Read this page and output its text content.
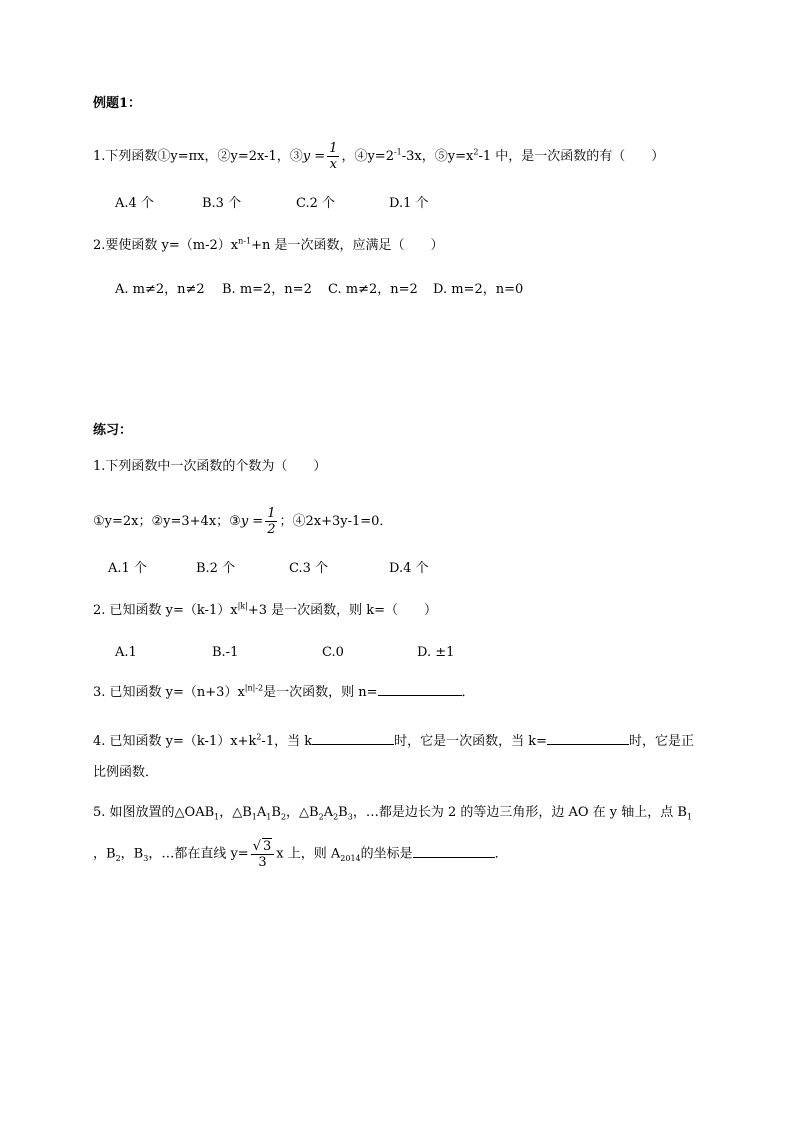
例题1：
1.下列函数①y=πx，②y=2x-1，③y = $\frac{1}{x}$ ，$④y=2^{-1}-3x$，$⑤y=x^2-1$ 中，是一次函数的有（　　）
A.4 个	B.3 个	C.2 个	D.1 个
2.要使函数 $y=(m-2)x^{n-1}+n$ 是一次函数，应满足（　　）
A. m≠2，n≠2 B. m=2，n=2 C. m≠2，n=2 D. m=2，n=0
练习：
1.下列函数中一次函数的个数为（　　）
①y=2x；②y=3+4x；③y = $\frac{1}{2}$ ；④2x+3y-1=0．
A.1 个	B.2 个	C.3 个	D.4 个
2. 已知函数 $y=(k-1)x^{|k|}+3$ 是一次函数，则 k=（　　）
A.1	B.-1	C.0	D. ±1
3. 已知函数 $y=(n+3)x^{|n|-2}$是一次函数，则 n=	．
4. 已知函数 $y=(k-1)x+k^2-1$，当 k	时，它是一次函数，当 k=	时，它是正
比例函数．
5. 如图放置的$\triangle OAB_1$，$\triangle B_1A_1B_2$，$\triangle B_2A_2B_3$，…都是边长为 2 的等边三角形，边 AO 在 y 轴上，点 $B_1$
，$B_2$，$B_3$，…都在直线 $y= \frac{√ 3}{3}$ x 上，则 $A_{2014}$的坐标是	．
